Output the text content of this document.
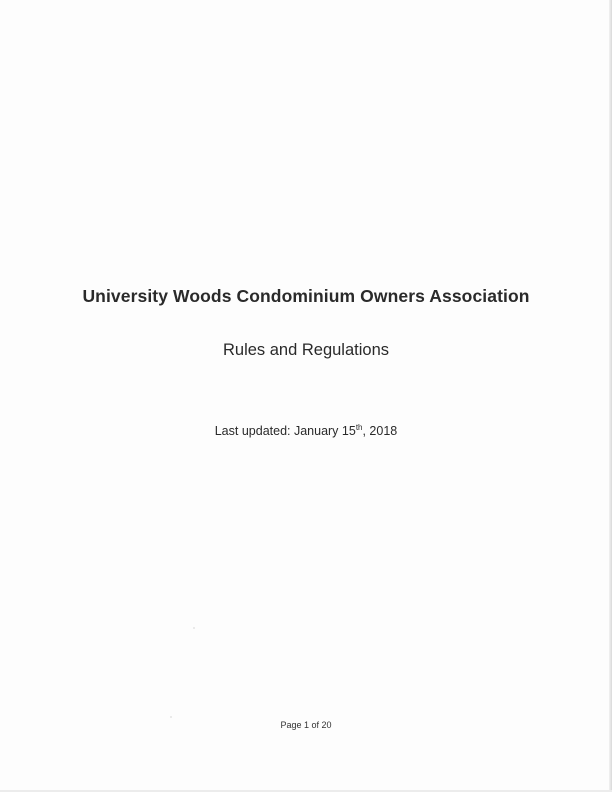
University Woods Condominium Owners Association
Rules and Regulations
Last updated: January 15th, 2018
Page 1 of 20
